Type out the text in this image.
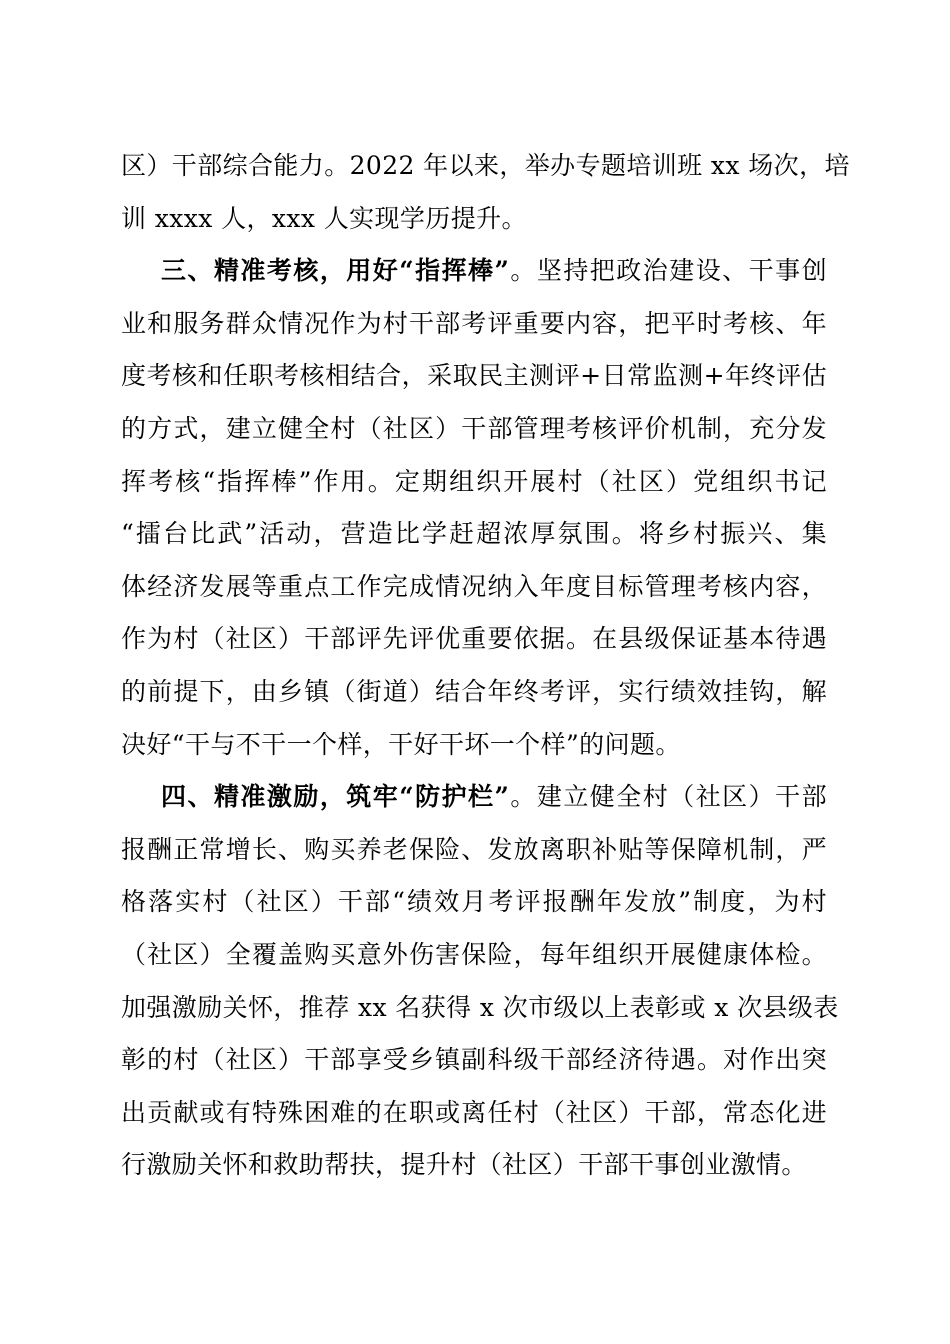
区）干部综合能力。2022 年以来，举办专题培训班 xx 场次，培
训 xxxx 人，xxx 人实现学历提升。
三、精准考核，用好“指挥棒”。坚持把政治建设、干事创
业和服务群众情况作为村干部考评重要内容，把平时考核、年
度考核和任职考核相结合，采取民主测评+日常监测+年终评估
的方式，建立健全村（社区）干部管理考核评价机制，充分发
挥考核“指挥棒”作用。定期组织开展村（社区）党组织书记
“擂台比武”活动，营造比学赶超浓厚氛围。将乡村振兴、集
体经济发展等重点工作完成情况纳入年度目标管理考核内容，
作为村（社区）干部评先评优重要依据。在县级保证基本待遇
的前提下，由乡镇（街道）结合年终考评，实行绩效挂钩，解
决好“干与不干一个样，干好干坏一个样”的问题。
四、精准激励，筑牢“防护栏”。建立健全村（社区）干部
报酬正常增长、购买养老保险、发放离职补贴等保障机制，严
格落实村（社区）干部“绩效月考评报酬年发放”制度，为村
（社区）全覆盖购买意外伤害保险，每年组织开展健康体检。
加强激励关怀，推荐 xx 名获得 x 次市级以上表彰或 x 次县级表
彰的村（社区）干部享受乡镇副科级干部经济待遇。对作出突
出贡献或有特殊困难的在职或离任村（社区）干部，常态化进
行激励关怀和救助帮扶，提升村（社区）干部干事创业激情。
